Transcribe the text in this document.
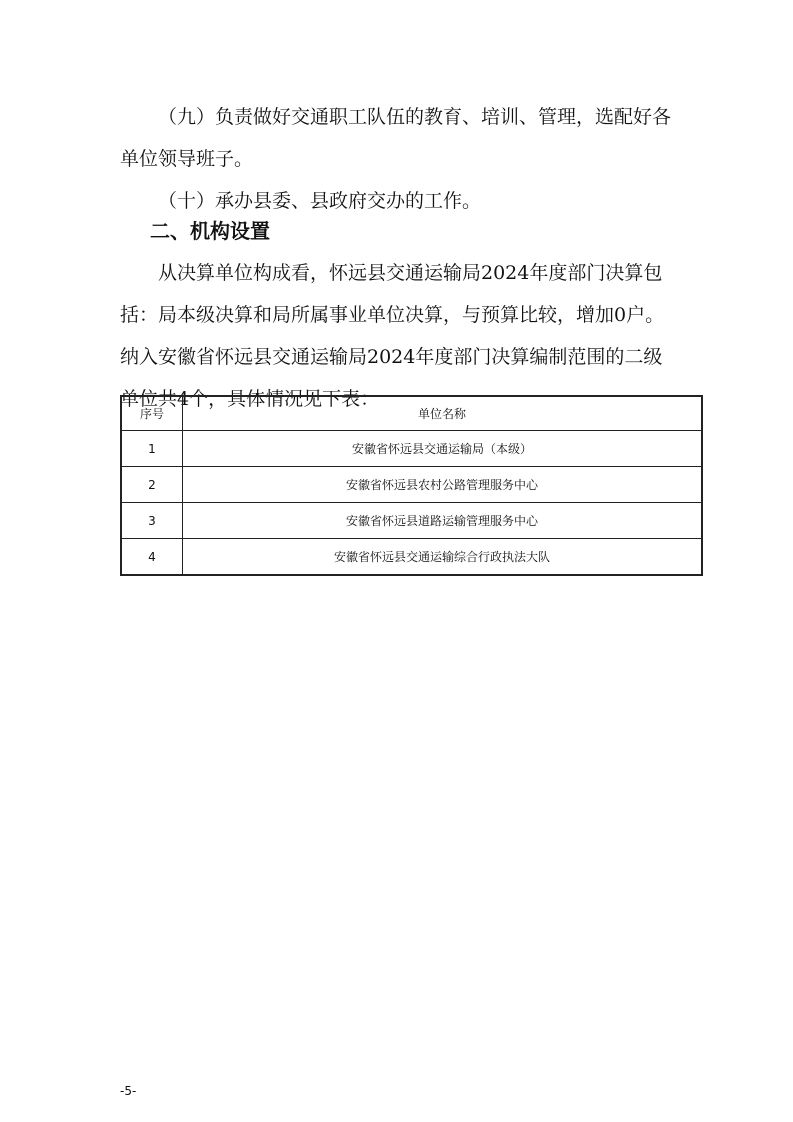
（九）负责做好交通职工队伍的教育、培训、管理，选配好各单位领导班子。
（十）承办县委、县政府交办的工作。
二、机构设置
从决算单位构成看，怀远县交通运输局2024年度部门决算包括：局本级决算和局所属事业单位决算，与预算比较，增加0户。纳入安徽省怀远县交通运输局2024年度部门决算编制范围的二级单位共4个，具体情况见下表：
序号	单位名称
1	安徽省怀远县交通运输局（本级）
2	安徽省怀远县农村公路管理服务中心
3	安徽省怀远县道路运输管理服务中心
4	安徽省怀远县交通运输综合行政执法大队
-5-
